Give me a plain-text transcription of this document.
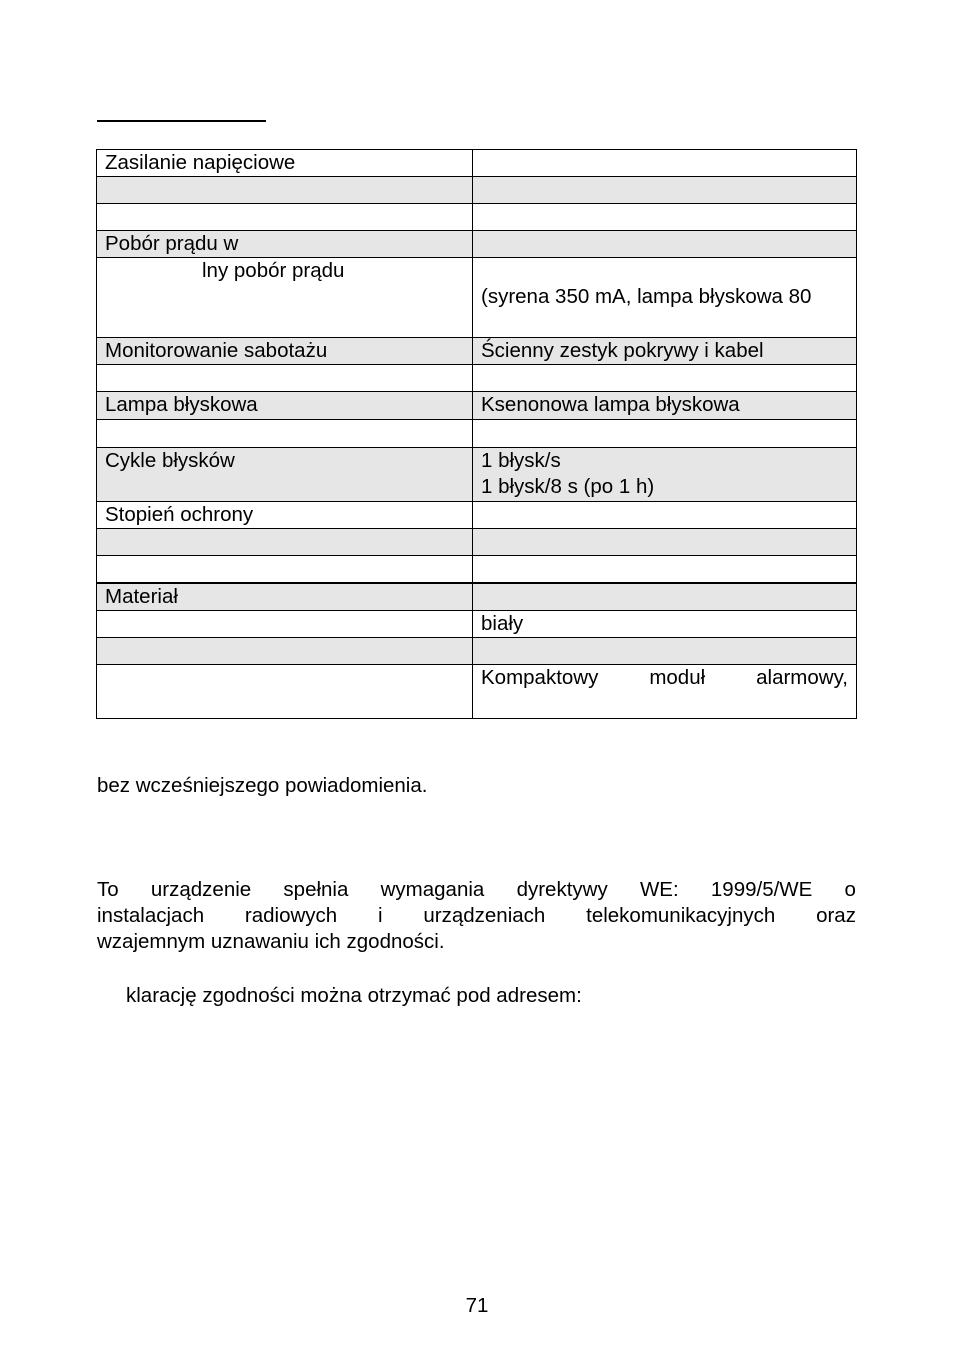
Zasilanie napięciowe	

Pobór prądu w	
lny pobór prądu	(syrena 350 mA, lampa błyskowa 80
Monitorowanie sabotażu	Ścienny zestyk pokrywy i kabel

Lampa błyskowa	Ksenonowa lampa błyskowa

Cykle błysków	1 błysk/s
1 błysk/8 s (po 1 h)

Stopień ochrony	

Materiał	
	biały

	Kompaktowy moduł alarmowy,
bez wcześniejszego powiadomienia.
To urządzenie spełnia wymagania dyrektywy WE: 1999/5/WE o
instalacjach radiowych i urządzeniach telekomunikacyjnych oraz
wzajemnym uznawaniu ich zgodności.
klarację zgodności można otrzymać pod adresem:
71
